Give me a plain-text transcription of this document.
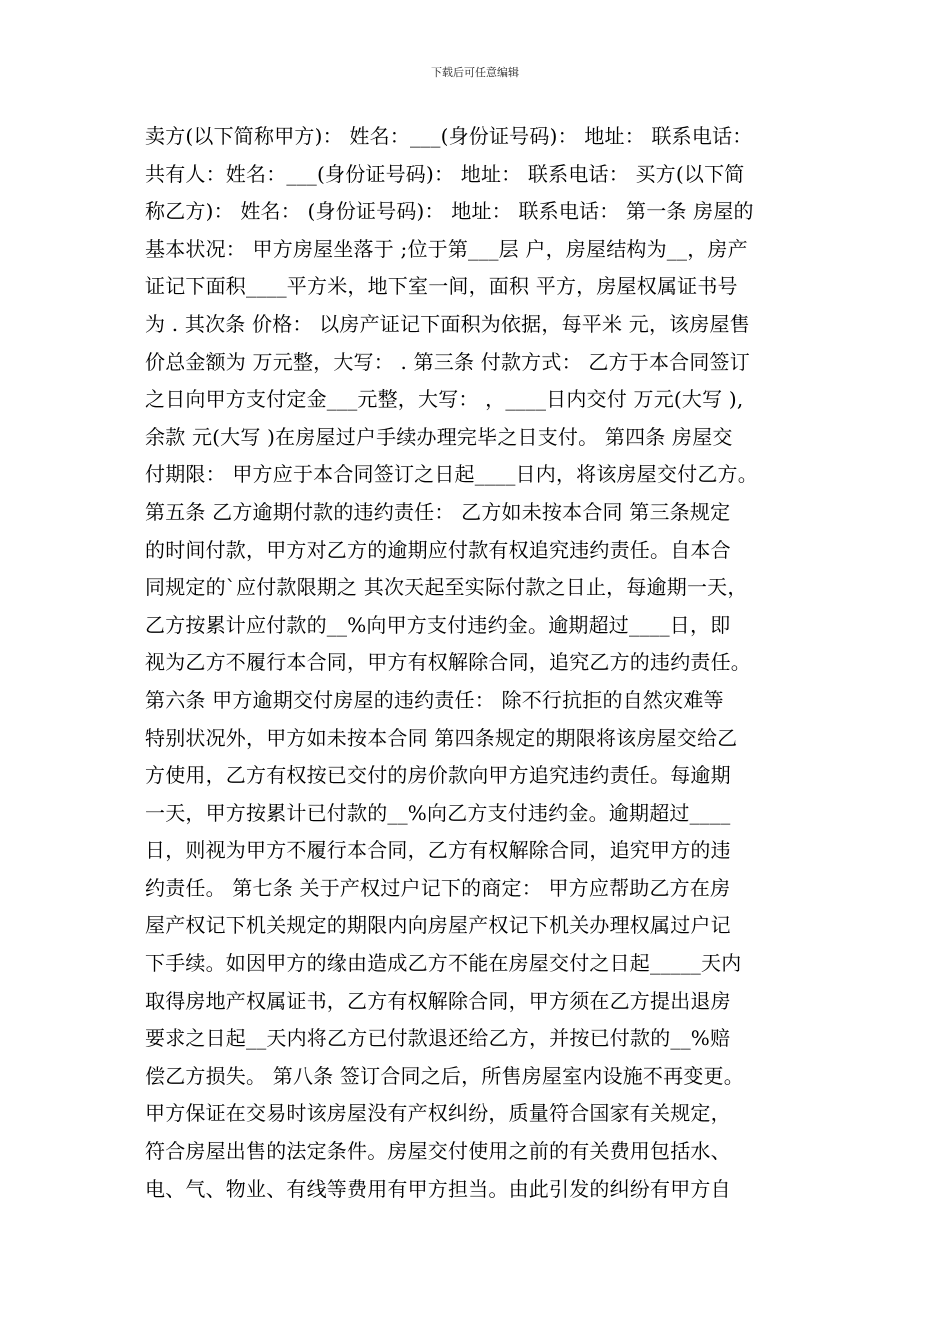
下载后可任意编辑
卖方(以下简称甲方)： 姓名：___(身份证号码)： 地址： 联系电话：
共有人：姓名：___(身份证号码)： 地址： 联系电话： 买方(以下简
称乙方)： 姓名： (身份证号码)： 地址： 联系电话： 第一条 房屋的
基本状况： 甲方房屋坐落于 ;位于第___层 户，房屋结构为__，房产
证记下面积____平方米，地下室一间，面积 平方，房屋权属证书号
为 . 其次条 价格： 以房产证记下面积为依据，每平米 元，该房屋售
价总金额为 万元整，大写： . 第三条 付款方式： 乙方于本合同签订
之日向甲方支付定金___元整，大写： ，____日内交付 万元(大写 ),
余款 元(大写 )在房屋过户手续办理完毕之日支付。 第四条 房屋交
付期限： 甲方应于本合同签订之日起____日内，将该房屋交付乙方。
第五条 乙方逾期付款的违约责任： 乙方如未按本合同 第三条规定
的时间付款，甲方对乙方的逾期应付款有权追究违约责任。自本合
同规定的`应付款限期之 其次天起至实际付款之日止，每逾期一天，
乙方按累计应付款的__%向甲方支付违约金。逾期超过____日，即
视为乙方不履行本合同，甲方有权解除合同，追究乙方的违约责任。
第六条 甲方逾期交付房屋的违约责任： 除不行抗拒的自然灾难等
特别状况外，甲方如未按本合同 第四条规定的期限将该房屋交给乙
方使用，乙方有权按已交付的房价款向甲方追究违约责任。每逾期
一天，甲方按累计已付款的__%向乙方支付违约金。逾期超过____
日，则视为甲方不履行本合同，乙方有权解除合同，追究甲方的违
约责任。 第七条 关于产权过户记下的商定： 甲方应帮助乙方在房
屋产权记下机关规定的期限内向房屋产权记下机关办理权属过户记
下手续。如因甲方的缘由造成乙方不能在房屋交付之日起_____天内
取得房地产权属证书，乙方有权解除合同，甲方须在乙方提出退房
要求之日起__天内将乙方已付款退还给乙方，并按已付款的__%赔
偿乙方损失。 第八条 签订合同之后，所售房屋室内设施不再变更。
甲方保证在交易时该房屋没有产权纠纷，质量符合国家有关规定，
符合房屋出售的法定条件。房屋交付使用之前的有关费用包括水、
电、气、物业、有线等费用有甲方担当。由此引发的纠纷有甲方自
